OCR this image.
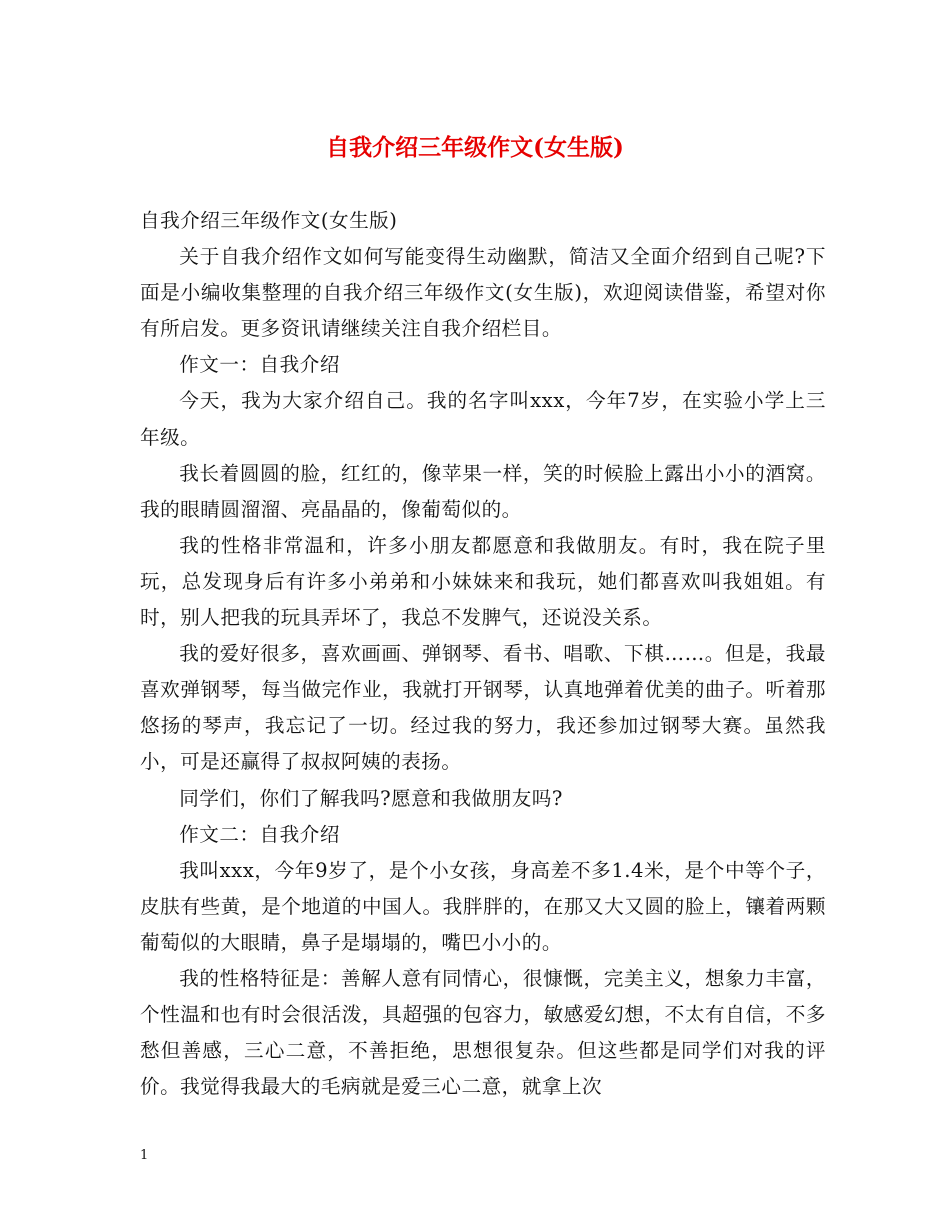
自我介绍三年级作文(女生版)

自我介绍三年级作文(女生版)

关于自我介绍作文如何写能变得生动幽默，简洁又全面介绍到自己呢?下面是小编收集整理的自我介绍三年级作文(女生版)，欢迎阅读借鉴，希望对你有所启发。更多资讯请继续关注自我介绍栏目。

作文一：自我介绍

今天，我为大家介绍自己。我的名字叫xxx，今年7岁，在实验小学上三年级。

我长着圆圆的脸，红红的，像苹果一样，笑的时候脸上露出小小的酒窝。我的眼睛圆溜溜、亮晶晶的，像葡萄似的。

我的性格非常温和，许多小朋友都愿意和我做朋友。有时，我在院子里玩，总发现身后有许多小弟弟和小妹妹来和我玩，她们都喜欢叫我姐姐。有时，别人把我的玩具弄坏了，我总不发脾气，还说没关系。

我的爱好很多，喜欢画画、弹钢琴、看书、唱歌、下棋……。但是，我最喜欢弹钢琴，每当做完作业，我就打开钢琴，认真地弹着优美的曲子。听着那悠扬的琴声，我忘记了一切。经过我的努力，我还参加过钢琴大赛。虽然我小，可是还赢得了叔叔阿姨的表扬。

同学们，你们了解我吗?愿意和我做朋友吗?

作文二：自我介绍

我叫xxx，今年9岁了，是个小女孩，身高差不多1.4米，是个中等个子，皮肤有些黄，是个地道的中国人。我胖胖的，在那又大又圆的脸上，镶着两颗葡萄似的大眼睛，鼻子是塌塌的，嘴巴小小的。

我的性格特征是：善解人意有同情心，很慷慨，完美主义，想象力丰富，个性温和也有时会很活泼，具超强的包容力，敏感爱幻想，不太有自信，不多愁但善感，三心二意，不善拒绝，思想很复杂。但这些都是同学们对我的评价。我觉得我最大的毛病就是爱三心二意，就拿上次

1
